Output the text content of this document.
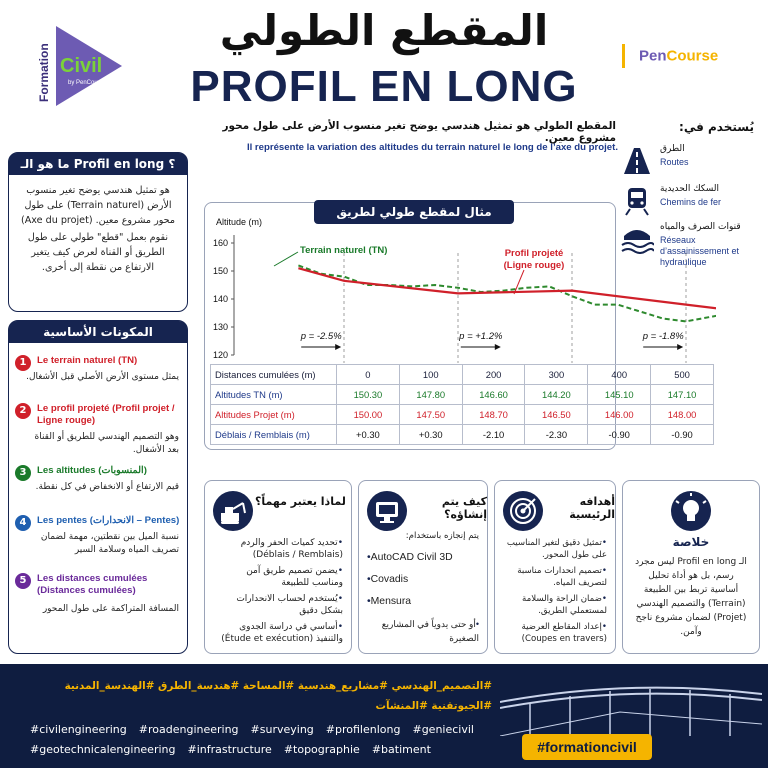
Formation Civil
by PenCourse
المقطع الطولي
PROFIL EN LONG
PenCourse
المقطع الطولي هو تمثيل هندسي يوضح تغير منسوب الأرض على طول محور مشروع معين.
Il représente la variation des altitudes du terrain naturel le long de l’axe du projet.
يُستخدم في:
الطرق
Routes
السكك الحديدية
Chemins de fer
قنوات الصرف والمياه
Réseaux d’assainissement et hydraulique
ما هو الـ Profil en long ؟
هو تمثيل هندسي يوضح تغير منسوب الأرض (Terrain naturel) على طول محور مشروع معين. (Axe du projet)
نقوم بعمل "قطع" طولي على طول الطريق أو القناة لعرض كيف يتغير الارتفاع من نقطة إلى أخرى.
المكونات الأساسية
1	Le terrain naturel (TN)
يمثل مستوى الأرض الأصلي قبل الأشغال.
2	Le profil projeté (Profil projet / Ligne rouge)
وهو التصميم الهندسي للطريق أو القناة بعد الأشغال.
3	Les altitudes (المنسوبات)
قيم الارتفاع أو الانخفاض في كل نقطة.
4	Les pentes (الانحدارات – Pentes)
نسبة الميل بين نقطتين، مهمة لضمان تصريف المياه وسلامة السير
5	Les distances cumulées (Distances cumulées)
المسافة المتراكمة على طول المحور
مثال لمقطع طولي لطريق
Altitude (m)
120
130
140
150
160
Terrain naturel (TN)	Profil projeté
(Ligne rouge)
p = -2.5%	p = +1.2%	p = -1.8%
Distances cumulées (m)	0	100	200	300	400	500
Altitudes TN (m)	150.30	147.80	146.60	144.20	145.10	147.10
Altitudes Projet (m)	150.00	147.50	148.70	146.50	146.00	148.00
Déblais / Remblais (m)	+0.30	+0.30	-2.10	-2.30	-0.90	-0.90
لماذا يعتبر مهماً؟
• تحديد كميات الحفر والردم (Déblais / Remblais)
• يضمن تصميم طريق آمن ومناسب للطبيعة
• يُستخدم لحساب الانحدارات بشكل دقيق
• أساسي في دراسة الجدوى والتنفيذ (Étude et exécution)
كيف يتم إنشاؤه؟
يتم إنجازه باستخدام:
• AutoCAD Civil 3D
• Covadis
• Mensura
• أو حتى يدوياً في المشاريع الصغيرة
أهدافه الرئيسية
• تمثيل دقيق لتغير المناسيب على طول المحور.
• تصميم انحدارات مناسبة لتصريف المياه.
• ضمان الراحة والسلامة لمستعملي الطريق.
• إعداد المقاطع العرضية (Coupes en travers)
خلاصة
الـ Profil en long ليس مجرد رسم، بل هو أداة تحليل أساسية تربط بين الطبيعة (Terrain) والتصميم الهندسي (Projet) لضمان مشروع ناجح وآمن.
#التصميم_الهندسي #مشاريع_هندسية #المساحة #هندسة_الطرق #الهندسة_المدنية #الجيوتقنية #المنشآت
#civilengineering #roadengineering #surveying #profilenlong #geniecivil
#geotechnicalengineering #infrastructure #topographie #batiment	#formationcivil
